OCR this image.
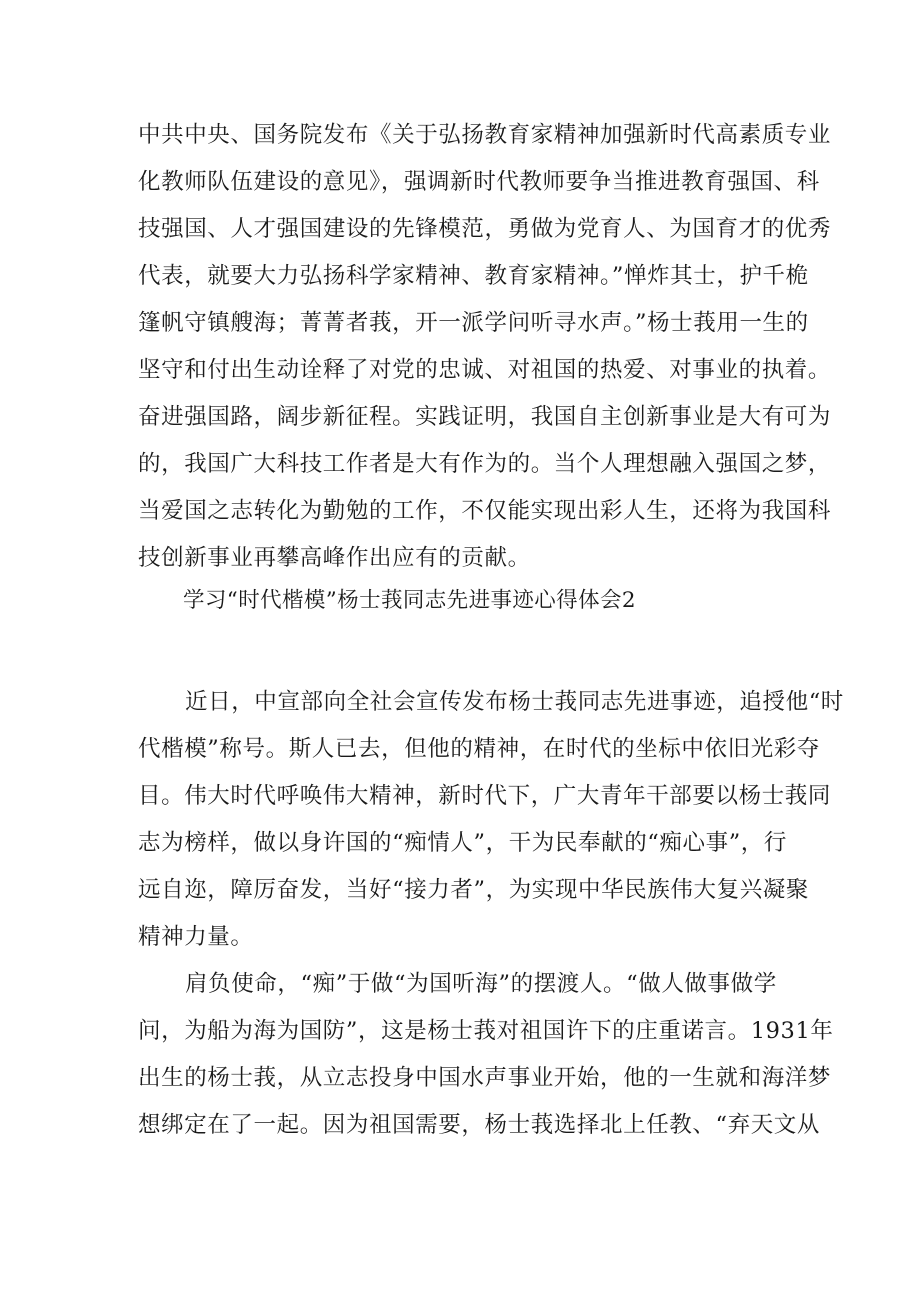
中共中央、国务院发布《关于弘扬教育家精神加强新时代高素质专业
化教师队伍建设的意见》，强调新时代教师要争当推进教育强国、科
技强国、人才强国建设的先锋模范，勇做为党育人、为国育才的优秀
代表，就要大力弘扬科学家精神、教育家精神。”惮炸其士，护千桅
篷帆守镇艘海；菁菁者莪，开一派学问听寻水声。”杨士莪用一生的
坚守和付出生动诠释了对党的忠诚、对祖国的热爱、对事业的执着。
奋进强国路，阔步新征程。实践证明，我国自主创新事业是大有可为
的，我国广大科技工作者是大有作为的。当个人理想融入强国之梦，
当爱国之志转化为勤勉的工作，不仅能实现出彩人生，还将为我国科
技创新事业再攀高峰作出应有的贡献。
学习“时代楷模”杨士莪同志先进事迹心得体会2
近日，中宣部向全社会宣传发布杨士莪同志先进事迹，追授他“时
代楷模”称号。斯人已去，但他的精神，在时代的坐标中依旧光彩夺
目。伟大时代呼唤伟大精神，新时代下，广大青年干部要以杨士莪同
志为榜样，做以身许国的“痴情人”，干为民奉献的“痴心事”，行
远自迩，障厉奋发，当好“接力者”，为实现中华民族伟大复兴凝聚
精神力量。
肩负使命，“痴”于做“为国听海”的摆渡人。“做人做事做学
问，为船为海为国防”，这是杨士莪对祖国许下的庄重诺言。1931年
出生的杨士莪，从立志投身中国水声事业开始，他的一生就和海洋梦
想绑定在了一起。因为祖国需要，杨士莪选择北上任教、“弃天文从
